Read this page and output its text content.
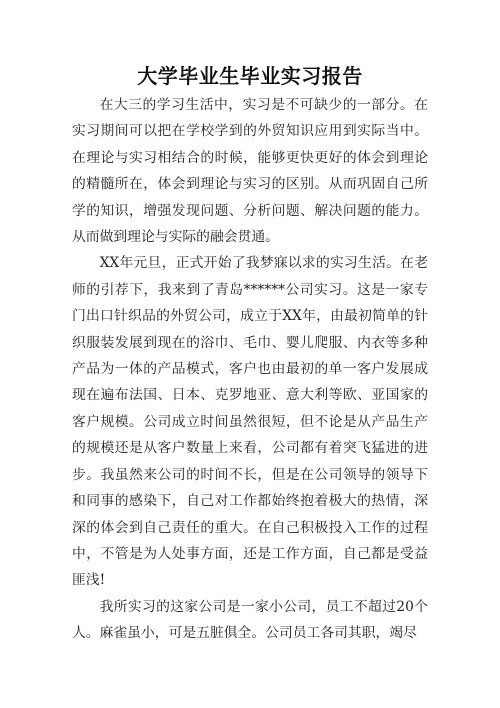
大学毕业生毕业实习报告

在大三的学习生活中，实习是不可缺少的一部分。在实习期间可以把在学校学到的外贸知识应用到实际当中。在理论与实习相结合的时候，能够更快更好的体会到理论的精髓所在，体会到理论与实习的区别。从而巩固自己所学的知识，增强发现问题、分析问题、解决问题的能力。从而做到理论与实际的融会贯通。

XX年元旦，正式开始了我梦寐以求的实习生活。在老师的引荐下，我来到了青岛******公司实习。这是一家专门出口针织品的外贸公司，成立于XX年，由最初简单的针织服装发展到现在的浴巾、毛巾、婴儿爬服、内衣等多种产品为一体的产品模式，客户也由最初的单一客户发展成现在遍布法国、日本、克罗地亚、意大利等欧、亚国家的客户规模。公司成立时间虽然很短，但不论是从产品生产的规模还是从客户数量上来看，公司都有着突飞猛进的进步。我虽然来公司的时间不长，但是在公司领导的领导下和同事的感染下，自己对工作都始终抱着极大的热情，深深的体会到自己责任的重大。在自己积极投入工作的过程中，不管是为人处事方面，还是工作方面，自己都是受益匪浅!

我所实习的这家公司是一家小公司，员工不超过20个人。麻雀虽小，可是五脏俱全。公司员工各司其职，竭尽
